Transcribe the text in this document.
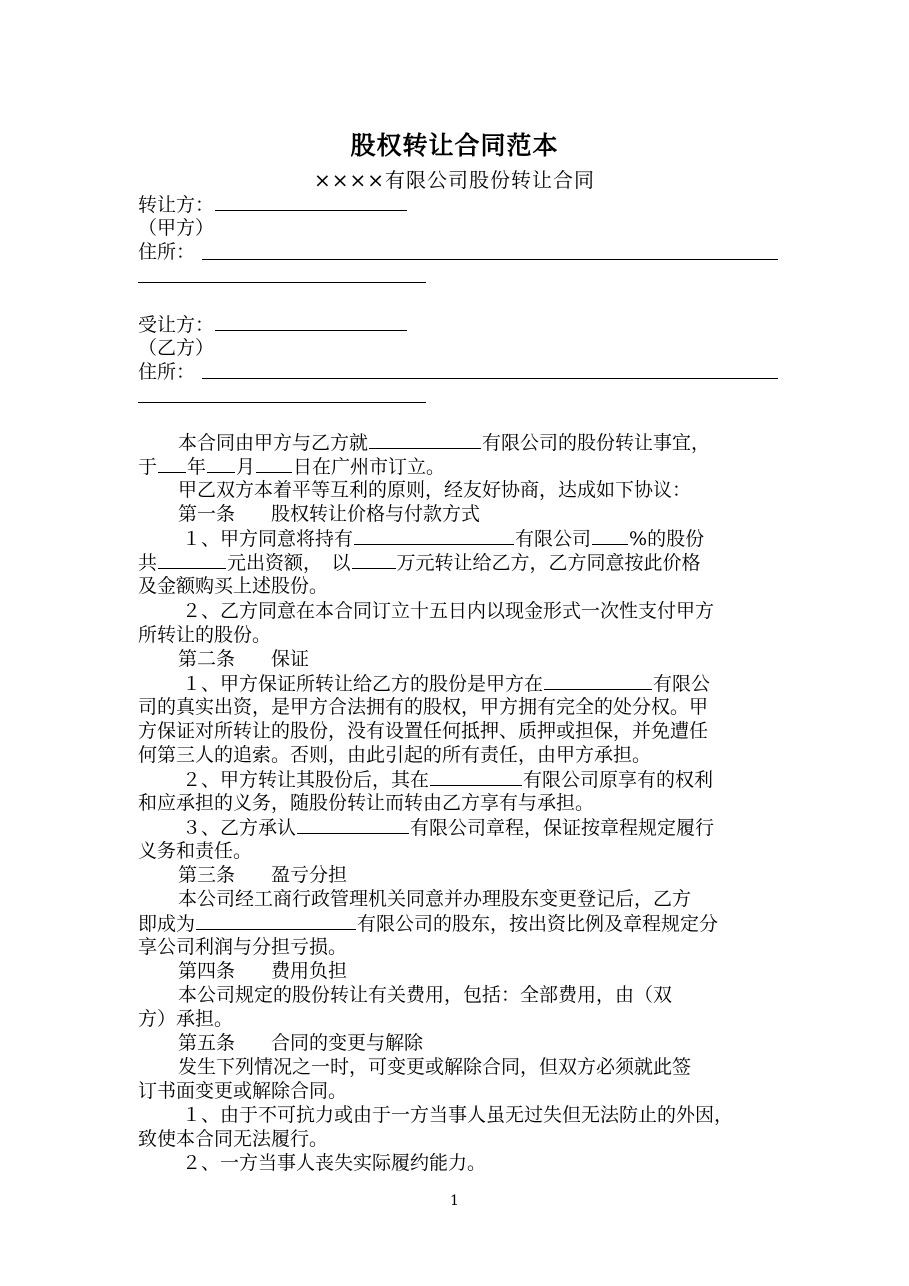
股权转让合同范本
××××有限公司股份转让合同
转让方：
（甲方）
住所：
受让方：
（乙方）
住所：
本合同由甲方与乙方就	有限公司的股份转让事宜，
于 年 月 日在广州市订立。
甲乙双方本着平等互利的原则，经友好协商，达成如下协议：
第一条 股权转让价格与付款方式
１、甲方同意将持有	有限公司 %的股份
共	元出资额，　以 万元转让给乙方，乙方同意按此价格
及金额购买上述股份。
２、乙方同意在本合同订立十五日内以现金形式一次性支付甲方
所转让的股份。
第二条 保证
１、甲方保证所转让给乙方的股份是甲方在	有限公
司的真实出资，是甲方合法拥有的股权，甲方拥有完全的处分权。甲
方保证对所转让的股份，没有设置任何抵押、质押或担保，并免遭任
何第三人的追索。否则，由此引起的所有责任，由甲方承担。
２、甲方转让其股份后，其在	有限公司原享有的权利
和应承担的义务，随股份转让而转由乙方享有与承担。
３、乙方承认	有限公司章程，保证按章程规定履行
义务和责任。
第三条 盈亏分担
本公司经工商行政管理机关同意并办理股东变更登记后，乙方
即成为	有限公司的股东，按出资比例及章程规定分
享公司利润与分担亏损。
第四条 费用负担
本公司规定的股份转让有关费用，包括：全部费用，由（双
方）承担。
第五条 合同的变更与解除
发生下列情况之一时，可变更或解除合同，但双方必须就此签
订书面变更或解除合同。
１、由于不可抗力或由于一方当事人虽无过失但无法防止的外因，
致使本合同无法履行。
２、一方当事人丧失实际履约能力。
1
